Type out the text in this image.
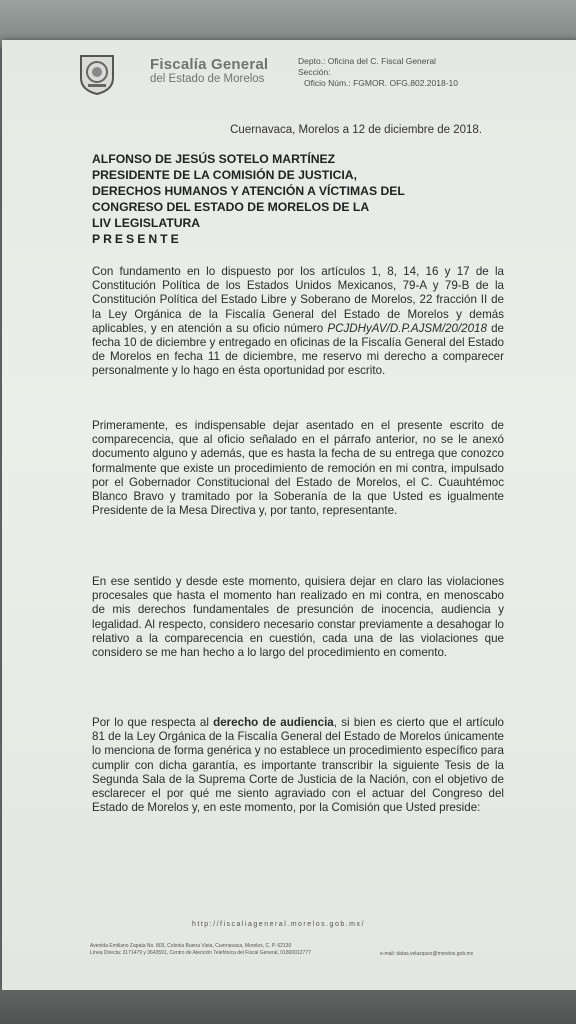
Fiscalía General
del Estado de Morelos
Depto.: Oficina del C. Fiscal General
Sección:
Oficio Núm.: FGMOR. OFG.802.2018-10
Cuernavaca, Morelos a 12 de diciembre de 2018.
ALFONSO DE JESÚS SOTELO MARTÍNEZ
PRESIDENTE DE LA COMISIÓN DE JUSTICIA,
DERECHOS HUMANOS Y ATENCIÓN A VÍCTIMAS DEL
CONGRESO DEL ESTADO DE MORELOS DE LA
LIV LEGISLATURA
PRESENTE

Con fundamento en lo dispuesto por los artículos 1, 8, 14, 16 y 17 de la Constitución Política de los Estados Unidos Mexicanos, 79-A y 79-B de la Constitución Política del Estado Libre y Soberano de Morelos, 22 fracción II de la Ley Orgánica de la Fiscalía General del Estado de Morelos y demás aplicables, y en atención a su oficio número PCJDHyAV/D.P.AJSM/20/2018 de fecha 10 de diciembre y entregado en oficinas de la Fiscalía General del Estado de Morelos en fecha 11 de diciembre, me reservo mi derecho a comparecer personalmente y lo hago en ésta oportunidad por escrito.

Primeramente, es indispensable dejar asentado en el presente escrito de comparecencia, que al oficio señalado en el párrafo anterior, no se le anexó documento alguno y además, que es hasta la fecha de su entrega que conozco formalmente que existe un procedimiento de remoción en mi contra, impulsado por el Gobernador Constitucional del Estado de Morelos, el C. Cuauhtémoc Blanco Bravo y tramitado por la Soberanía de la que Usted es igualmente Presidente de la Mesa Directiva y, por tanto, representante.

En ese sentido y desde este momento, quisiera dejar en claro las violaciones procesales que hasta el momento han realizado en mi contra, en menoscabo de mis derechos fundamentales de presunción de inocencia, audiencia y legalidad. Al respecto, considero necesario constar previamente a desahogar lo relativo a la comparecencia en cuestión, cada una de las violaciones que considero se me han hecho a lo largo del procedimiento en comento.

Por lo que respecta al derecho de audiencia, si bien es cierto que el artículo 81 de la Ley Orgánica de la Fiscalía General del Estado de Morelos únicamente lo menciona de forma genérica y no establece un procedimiento específico para cumplir con dicha garantía, es importante transcribir la siguiente Tesis de la Segunda Sala de la Suprema Corte de Justicia de la Nación, con el objetivo de esclarecer el por qué me siento agraviado con el actuar del Congreso del Estado de Morelos y, en este momento, por la Comisión que Usted preside:

http://fiscaliageneral.morelos.gob.mx/
Avenida Emiliano Zapata No. 803, Colonia Buena Vista, Cuernavaca, Morelos, C. P. 62130
Línea Directa: 3171479 y 3643591, Centro de Atención Telefónica del Fiscal General, 01800012777	e-mail: datas.velazquez@morelos.gob.mx
